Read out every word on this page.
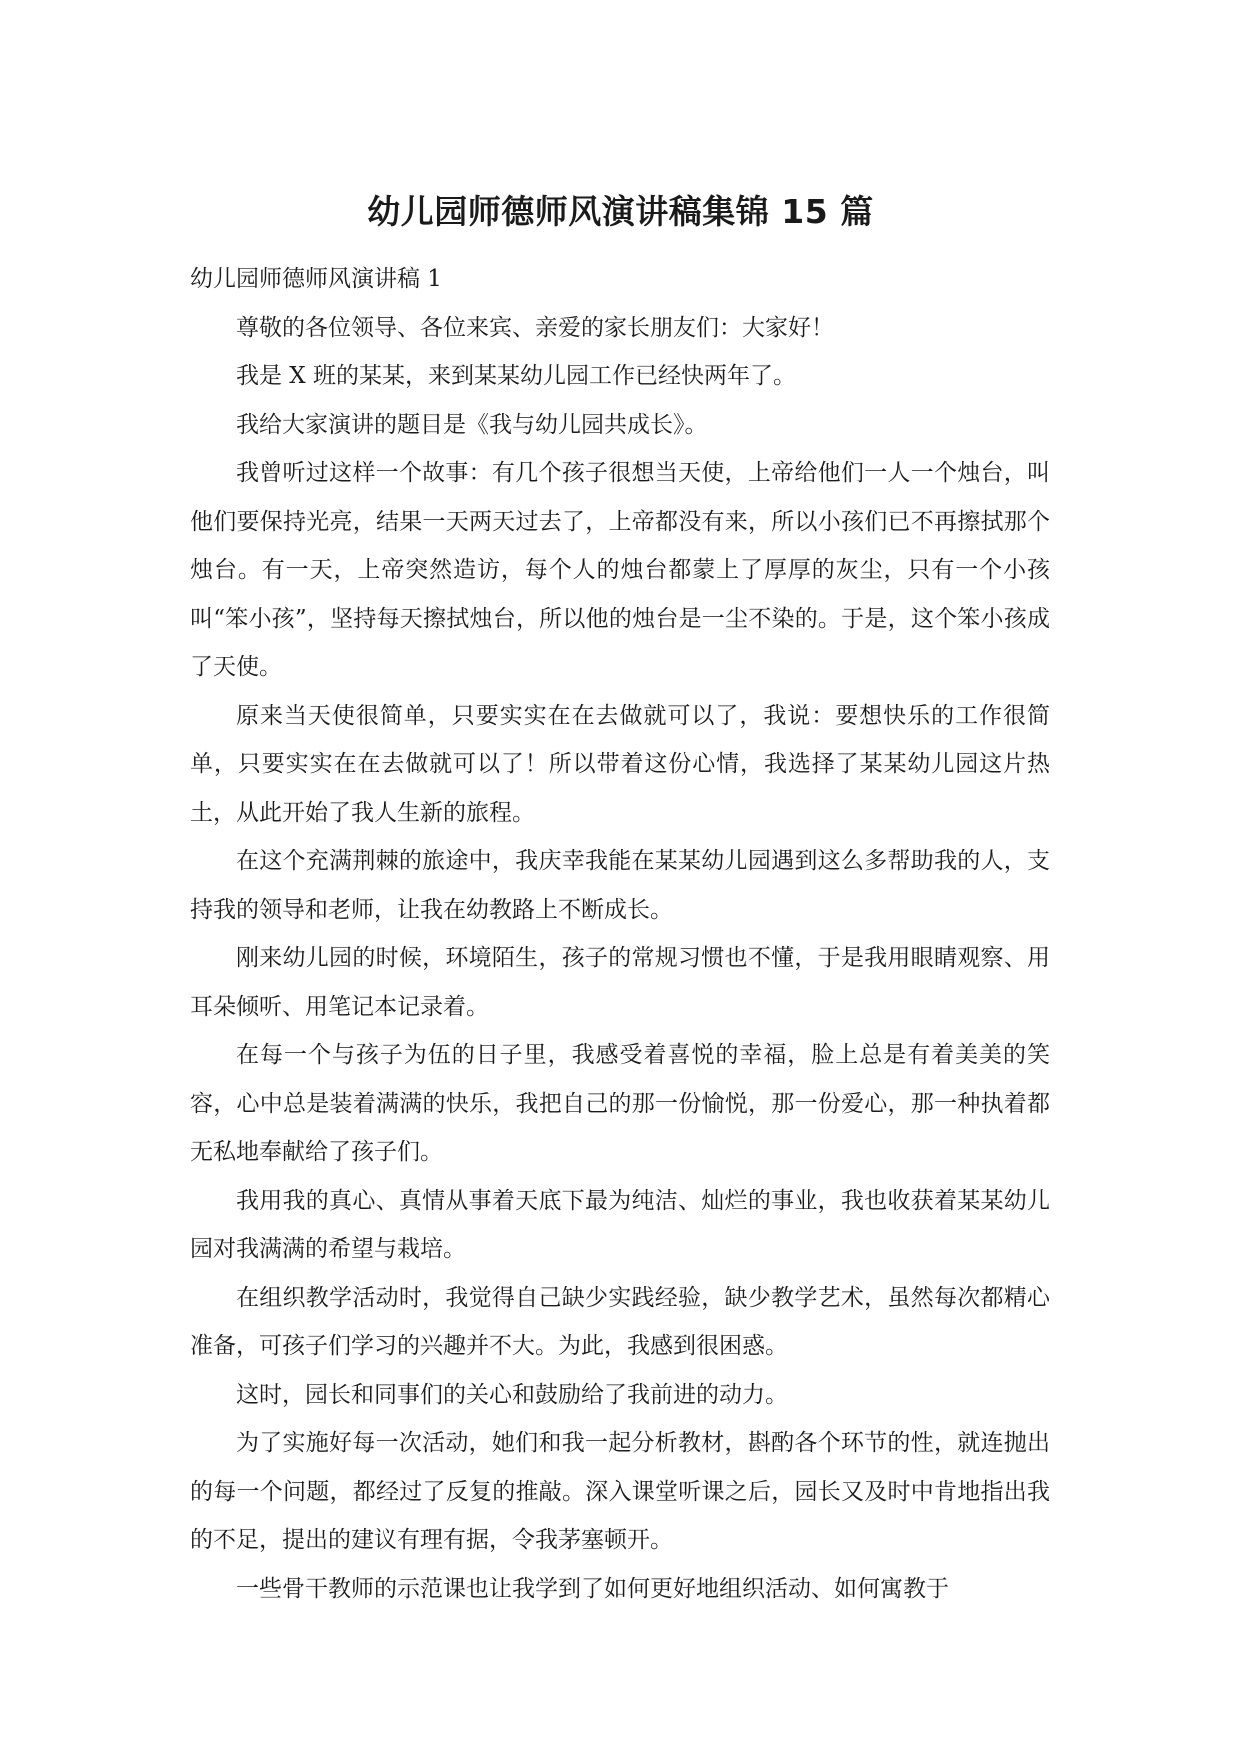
幼儿园师德师风演讲稿集锦 15 篇

幼儿园师德师风演讲稿 1

尊敬的各位领导、各位来宾、亲爱的家长朋友们：大家好！

我是 X 班的某某，来到某某幼儿园工作已经快两年了。

我给大家演讲的题目是《我与幼儿园共成长》。

我曾听过这样一个故事：有几个孩子很想当天使，上帝给他们一人一个烛台，叫他们要保持光亮，结果一天两天过去了，上帝都没有来，所以小孩们已不再擦拭那个烛台。有一天，上帝突然造访，每个人的烛台都蒙上了厚厚的灰尘，只有一个小孩叫“笨小孩”，坚持每天擦拭烛台，所以他的烛台是一尘不染的。于是，这个笨小孩成了天使。

原来当天使很简单，只要实实在在去做就可以了，我说：要想快乐的工作很简单，只要实实在在去做就可以了！所以带着这份心情，我选择了某某幼儿园这片热土，从此开始了我人生新的旅程。

在这个充满荆棘的旅途中，我庆幸我能在某某幼儿园遇到这么多帮助我的人，支持我的领导和老师，让我在幼教路上不断成长。

刚来幼儿园的时候，环境陌生，孩子的常规习惯也不懂，于是我用眼睛观察、用耳朵倾听、用笔记本记录着。

在每一个与孩子为伍的日子里，我感受着喜悦的幸福，脸上总是有着美美的笑容，心中总是装着满满的快乐，我把自己的那一份愉悦，那一份爱心，那一种执着都无私地奉献给了孩子们。

我用我的真心、真情从事着天底下最为纯洁、灿烂的事业，我也收获着某某幼儿园对我满满的希望与栽培。

在组织教学活动时，我觉得自己缺少实践经验，缺少教学艺术，虽然每次都精心准备，可孩子们学习的兴趣并不大。为此，我感到很困惑。

这时，园长和同事们的关心和鼓励给了我前进的动力。

为了实施好每一次活动，她们和我一起分析教材，斟酌各个环节的性，就连抛出的每一个问题，都经过了反复的推敲。深入课堂听课之后，园长又及时中肯地指出我的不足，提出的建议有理有据，令我茅塞顿开。

一些骨干教师的示范课也让我学到了如何更好地组织活动、如何寓教于
